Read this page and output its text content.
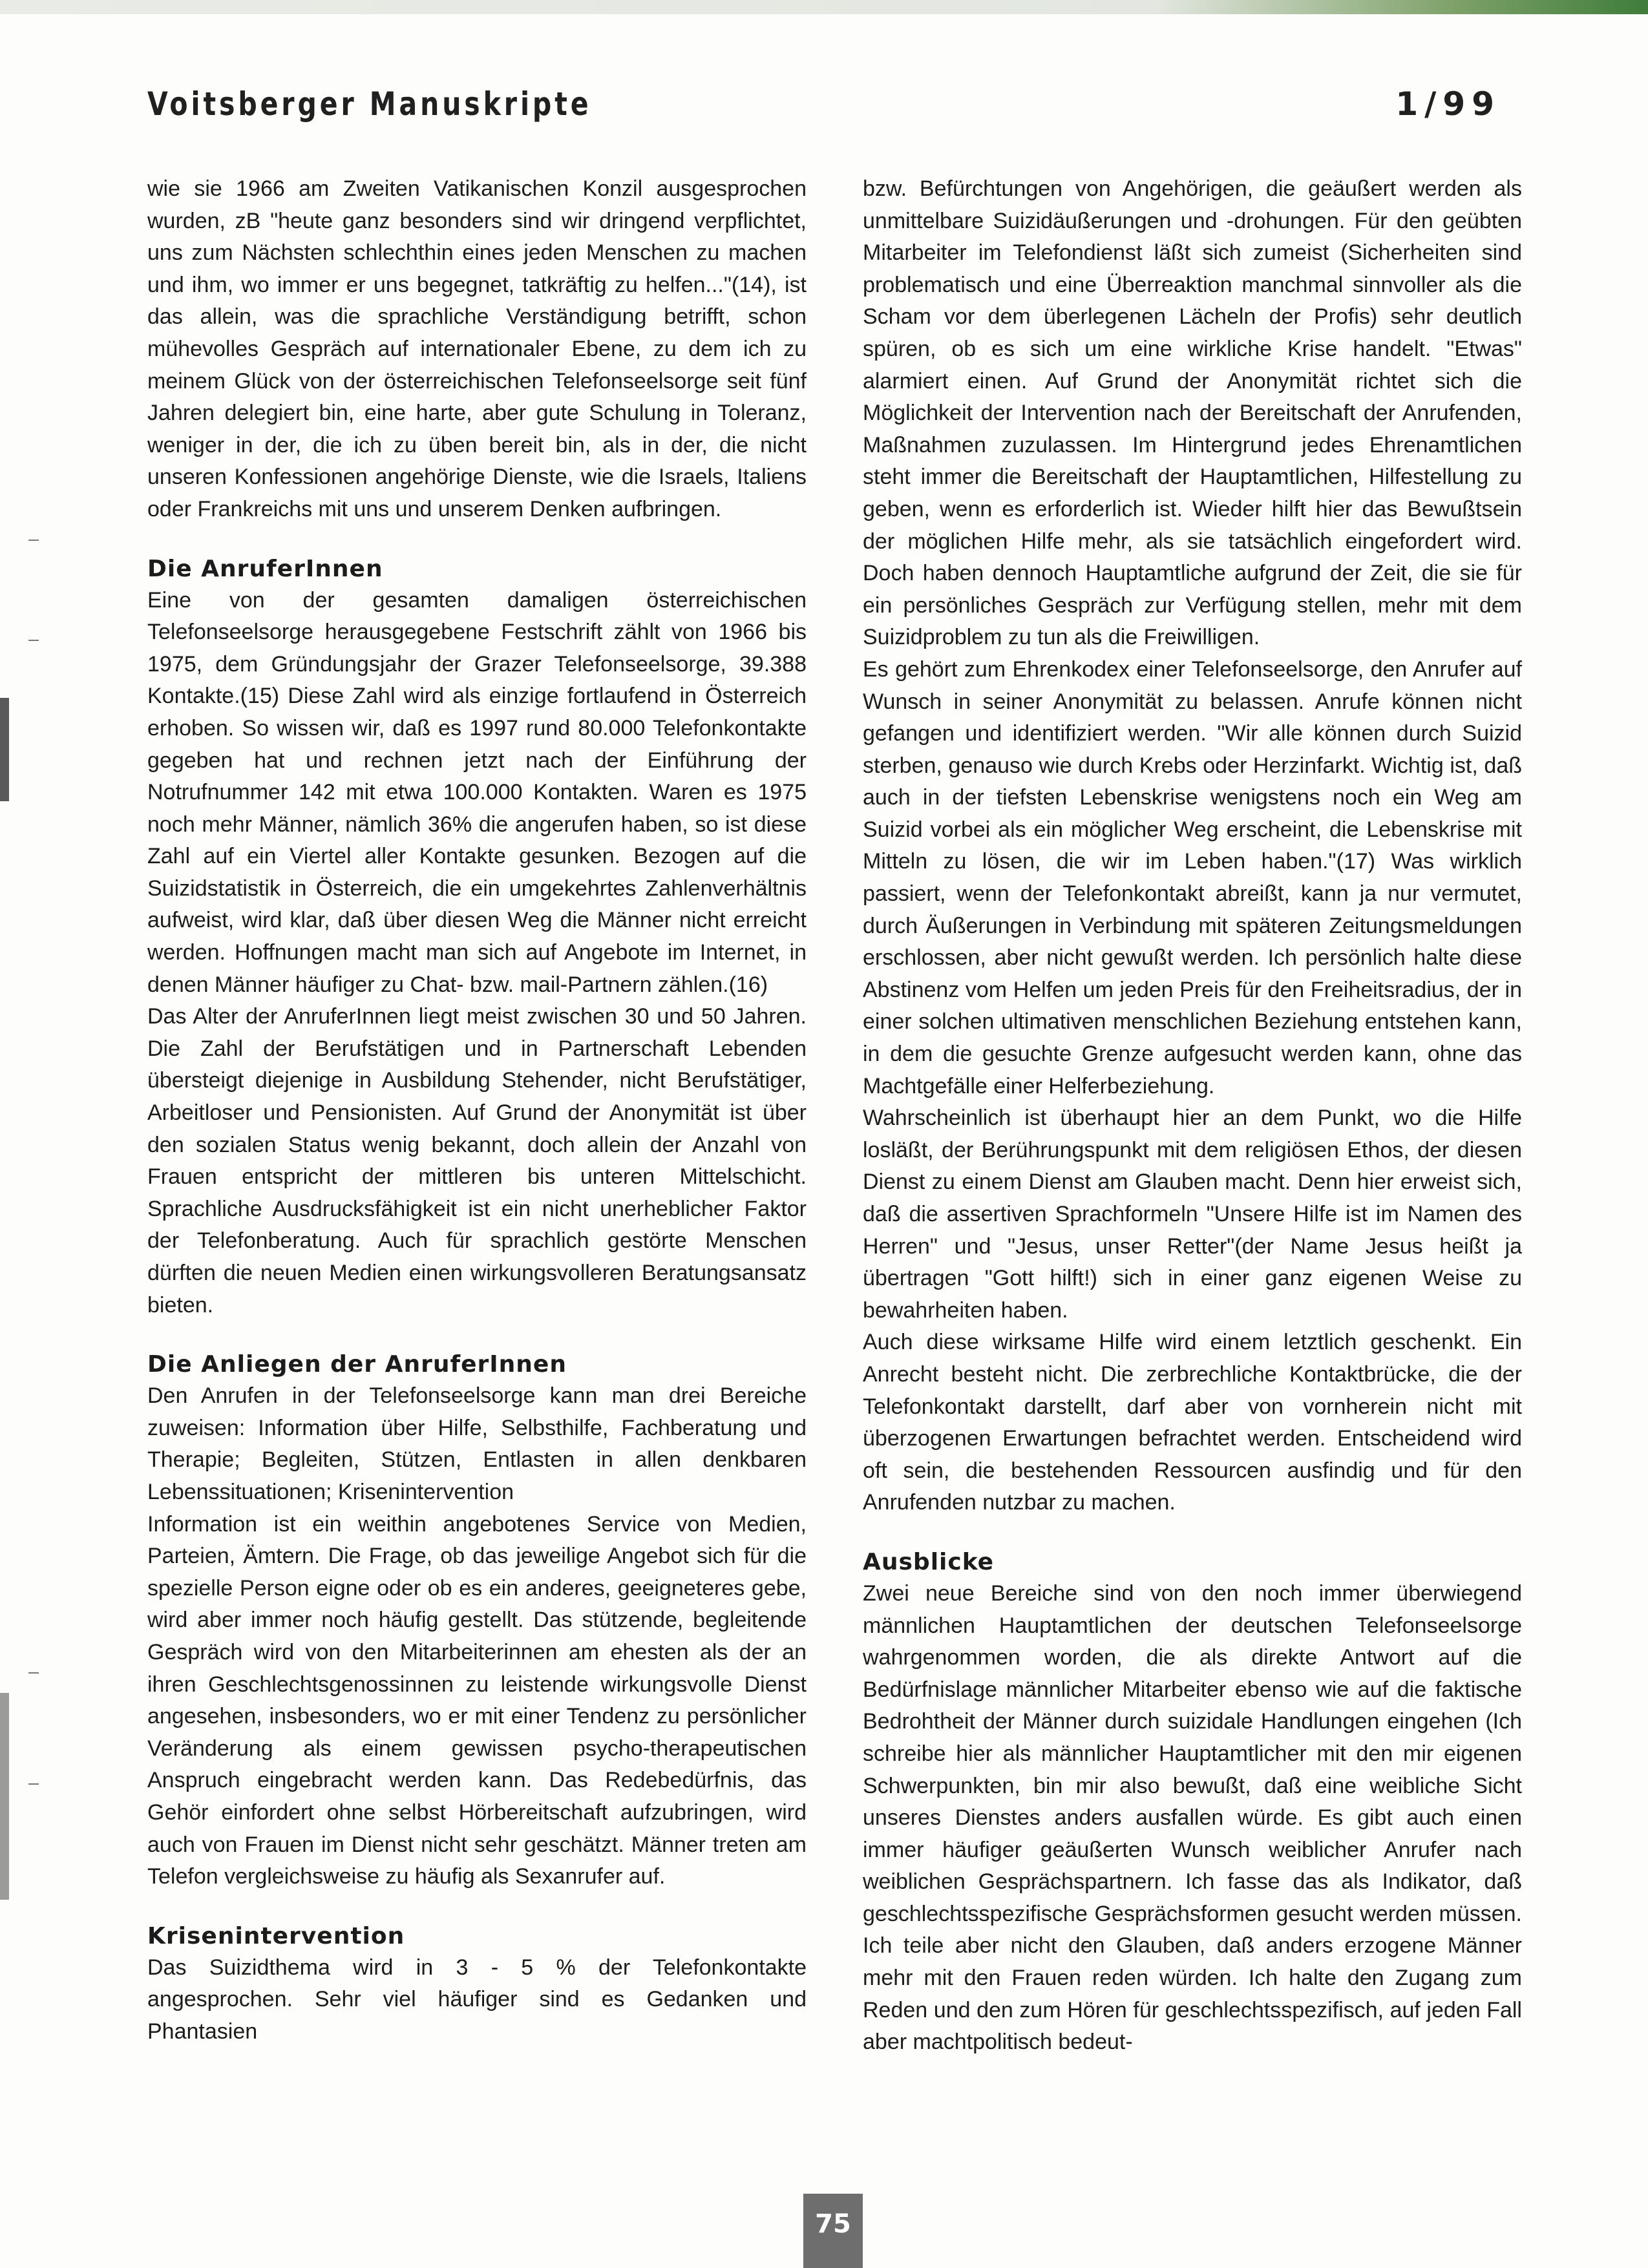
Voitsberger Manuskripte	1/99

wie sie 1966 am Zweiten Vatikanischen Konzil ausgesprochen wurden, zB "heute ganz besonders sind wir dringend verpflichtet, uns zum Nächsten schlechthin eines jeden Menschen zu machen und ihm, wo immer er uns begegnet, tatkräftig zu helfen..."(14), ist das allein, was die sprachliche Verständigung betrifft, schon mühevolles Gespräch auf internationaler Ebene, zu dem ich zu meinem Glück von der österreichischen Telefonseelsorge seit fünf Jahren delegiert bin, eine harte, aber gute Schulung in Toleranz, weniger in der, die ich zu üben bereit bin, als in der, die nicht unseren Konfessionen angehörige Dienste, wie die Israels, Italiens oder Frankreichs mit uns und unserem Denken aufbringen.

Die AnruferInnen

Eine von der gesamten damaligen österreichischen Telefonseelsorge herausgegebene Festschrift zählt von 1966 bis 1975, dem Gründungsjahr der Grazer Telefonseelsorge, 39.388 Kontakte.(15) Diese Zahl wird als einzige fortlaufend in Österreich erhoben. So wissen wir, daß es 1997 rund 80.000 Telefonkontakte gegeben hat und rechnen jetzt nach der Einführung der Notrufnummer 142 mit etwa 100.000 Kontakten. Waren es 1975 noch mehr Männer, nämlich 36% die angerufen haben, so ist diese Zahl auf ein Viertel aller Kontakte gesunken. Bezogen auf die Suizidstatistik in Österreich, die ein umgekehrtes Zahlenverhältnis aufweist, wird klar, daß über diesen Weg die Männer nicht erreicht werden. Hoffnungen macht man sich auf Angebote im Internet, in denen Männer häufiger zu Chat- bzw. mail-Partnern zählen.(16)

Das Alter der AnruferInnen liegt meist zwischen 30 und 50 Jahren. Die Zahl der Berufstätigen und in Partnerschaft Lebenden übersteigt diejenige in Ausbildung Stehender, nicht Berufstätiger, Arbeitloser und Pensionisten. Auf Grund der Anonymität ist über den sozialen Status wenig bekannt, doch allein der Anzahl von Frauen entspricht der mittleren bis unteren Mittelschicht. Sprachliche Ausdrucksfähigkeit ist ein nicht unerheblicher Faktor der Telefonberatung. Auch für sprachlich gestörte Menschen dürften die neuen Medien einen wirkungsvolleren Beratungsansatz bieten.

Die Anliegen der AnruferInnen

Den Anrufen in der Telefonseelsorge kann man drei Bereiche zuweisen: Information über Hilfe, Selbsthilfe, Fachberatung und Therapie; Begleiten, Stützen, Entlasten in allen denkbaren Lebenssituationen; Krisenintervention

Information ist ein weithin angebotenes Service von Medien, Parteien, Ämtern. Die Frage, ob das jeweilige Angebot sich für die spezielle Person eigne oder ob es ein anderes, geeigneteres gebe, wird aber immer noch häufig gestellt. Das stützende, begleitende Gespräch wird von den Mitarbeiterinnen am ehesten als der an ihren Geschlechtsgenossinnen zu leistende wirkungsvolle Dienst angesehen, insbesonders, wo er mit einer Tendenz zu persönlicher Veränderung als einem gewissen psycho-therapeutischen Anspruch eingebracht werden kann. Das Redebedürfnis, das Gehör einfordert ohne selbst Hörbereitschaft aufzubringen, wird auch von Frauen im Dienst nicht sehr geschätzt. Männer treten am Telefon vergleichsweise zu häufig als Sexanrufer auf.

Krisenintervention

Das Suizidthema wird in 3 - 5 % der Telefonkontakte angesprochen. Sehr viel häufiger sind es Gedanken und Phantasien

bzw. Befürchtungen von Angehörigen, die geäußert werden als unmittelbare Suizidäußerungen und -drohungen. Für den geübten Mitarbeiter im Telefondienst läßt sich zumeist (Sicherheiten sind problematisch und eine Überreaktion manchmal sinnvoller als die Scham vor dem überlegenen Lächeln der Profis) sehr deutlich spüren, ob es sich um eine wirkliche Krise handelt. "Etwas" alarmiert einen. Auf Grund der Anonymität richtet sich die Möglichkeit der Intervention nach der Bereitschaft der Anrufenden, Maßnahmen zuzulassen. Im Hintergrund jedes Ehrenamtlichen steht immer die Bereitschaft der Hauptamtlichen, Hilfestellung zu geben, wenn es erforderlich ist. Wieder hilft hier das Bewußtsein der möglichen Hilfe mehr, als sie tatsächlich eingefordert wird. Doch haben dennoch Hauptamtliche aufgrund der Zeit, die sie für ein persönliches Gespräch zur Verfügung stellen, mehr mit dem Suizidproblem zu tun als die Freiwilligen.

Es gehört zum Ehrenkodex einer Telefonseelsorge, den Anrufer auf Wunsch in seiner Anonymität zu belassen. Anrufe können nicht gefangen und identifiziert werden. "Wir alle können durch Suizid sterben, genauso wie durch Krebs oder Herzinfarkt. Wichtig ist, daß auch in der tiefsten Lebenskrise wenigstens noch ein Weg am Suizid vorbei als ein möglicher Weg erscheint, die Lebenskrise mit Mitteln zu lösen, die wir im Leben haben."(17) Was wirklich passiert, wenn der Telefonkontakt abreißt, kann ja nur vermutet, durch Äußerungen in Verbindung mit späteren Zeitungsmeldungen erschlossen, aber nicht gewußt werden. Ich persönlich halte diese Abstinenz vom Helfen um jeden Preis für den Freiheitsradius, der in einer solchen ultimativen menschlichen Beziehung entstehen kann, in dem die gesuchte Grenze aufgesucht werden kann, ohne das Machtgefälle einer Helferbeziehung.

Wahrscheinlich ist überhaupt hier an dem Punkt, wo die Hilfe losläßt, der Berührungspunkt mit dem religiösen Ethos, der diesen Dienst zu einem Dienst am Glauben macht. Denn hier erweist sich, daß die assertiven Sprachformeln "Unsere Hilfe ist im Namen des Herren" und "Jesus, unser Retter"(der Name Jesus heißt ja übertragen "Gott hilft!) sich in einer ganz eigenen Weise zu bewahrheiten haben.

Auch diese wirksame Hilfe wird einem letztlich geschenkt. Ein Anrecht besteht nicht. Die zerbrechliche Kontaktbrücke, die der Telefonkontakt darstellt, darf aber von vornherein nicht mit überzogenen Erwartungen befrachtet werden. Entscheidend wird oft sein, die bestehenden Ressourcen ausfindig und für den Anrufenden nutzbar zu machen.

Ausblicke

Zwei neue Bereiche sind von den noch immer überwiegend männlichen Hauptamtlichen der deutschen Telefonseelsorge wahrgenommen worden, die als direkte Antwort auf die Bedürfnislage männlicher Mitarbeiter ebenso wie auf die faktische Bedrohtheit der Männer durch suizidale Handlungen eingehen (Ich schreibe hier als männlicher Hauptamtlicher mit den mir eigenen Schwerpunkten, bin mir also bewußt, daß eine weibliche Sicht unseres Dienstes anders ausfallen würde. Es gibt auch einen immer häufiger geäußerten Wunsch weiblicher Anrufer nach weiblichen Gesprächspartnern. Ich fasse das als Indikator, daß geschlechtsspezifische Gesprächsformen gesucht werden müssen. Ich teile aber nicht den Glauben, daß anders erzogene Männer mehr mit den Frauen reden würden. Ich halte den Zugang zum Reden und den zum Hören für geschlechtsspezifisch, auf jeden Fall aber machtpolitisch bedeut-

75
